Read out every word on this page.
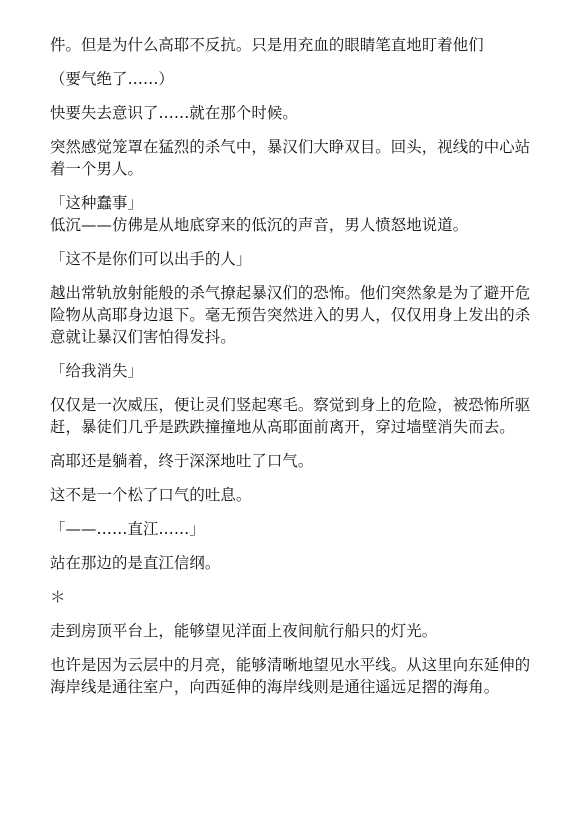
件。但是为什么高耶不反抗。只是用充血的眼睛笔直地盯着他们

（要气绝了……）

快要失去意识了……就在那个时候。

突然感觉笼罩在猛烈的杀气中，暴汉们大睁双目。回头，视线的中心站着一个男人。

「这种蠢事」

低沉——仿佛是从地底穿来的低沉的声音，男人愤怒地说道。

「这不是你们可以出手的人」

越出常轨放射能般的杀气撩起暴汉们的恐怖。他们突然象是为了避开危险物从高耶身边退下。毫无预告突然进入的男人，仅仅用身上发出的杀意就让暴汉们害怕得发抖。

「给我消失」

仅仅是一次威压，便让灵们竖起寒毛。察觉到身上的危险，被恐怖所驱赶，暴徒们几乎是跌跌撞撞地从高耶面前离开，穿过墙壁消失而去。

高耶还是躺着，终于深深地吐了口气。

这不是一个松了口气的吐息。

「——……直江……」

站在那边的是直江信纲。

＊

走到房顶平台上，能够望见洋面上夜间航行船只的灯光。

也许是因为云层中的月亮，能够清晰地望见水平线。从这里向东延伸的海岸线是通往室户，向西延伸的海岸线则是通往遥远足摺的海角。
